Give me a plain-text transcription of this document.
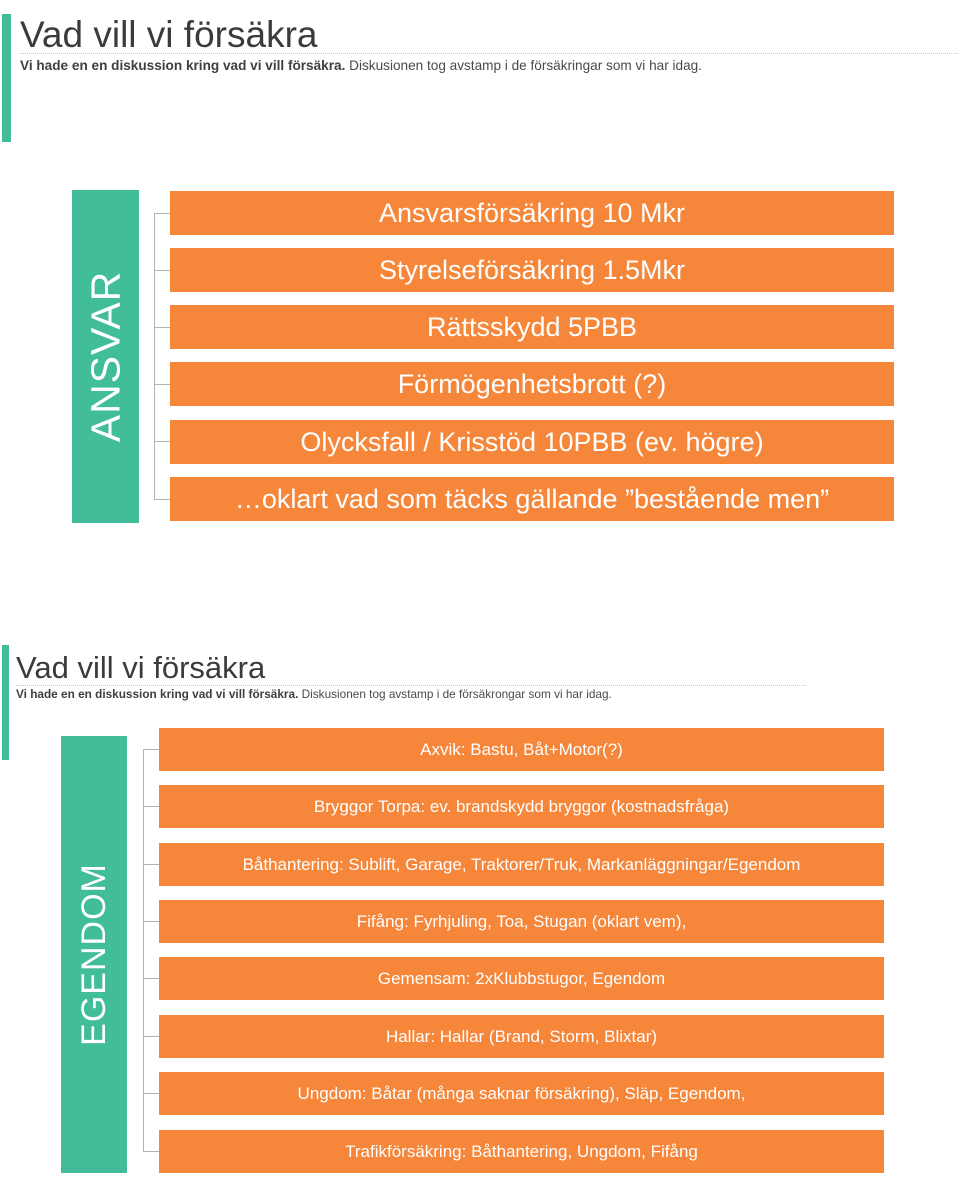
Vad vill vi försäkra

Vi hade en en diskussion kring vad vi vill försäkra. Diskusionen tog avstamp i de försäkringar som vi har idag.

ANSVAR
Ansvarsförsäkring 10 Mkr
Styrelseförsäkring 1.5Mkr
Rättsskydd 5PBB
Förmögenhetsbrott (?)
Olycksfall / Krisstöd 10PBB (ev. högre)
…oklart vad som täcks gällande ”bestående men”
Vad vill vi försäkra

Vi hade en en diskussion kring vad vi vill försäkra. Diskusionen tog avstamp i de försäkrongar som vi har idag.

EGENDOM
Axvik: Bastu, Båt+Motor(?)
Bryggor Torpa: ev. brandskydd bryggor (kostnadsfråga)
Båthantering: Sublift, Garage, Traktorer/Truk, Markanläggningar/Egendom
Fifång: Fyrhjuling, Toa, Stugan (oklart vem),
Gemensam: 2xKlubbstugor, Egendom
Hallar: Hallar (Brand, Storm, Blixtar)
Ungdom: Båtar (många saknar försäkring), Släp, Egendom,
Trafikförsäkring: Båthantering, Ungdom, Fifång
